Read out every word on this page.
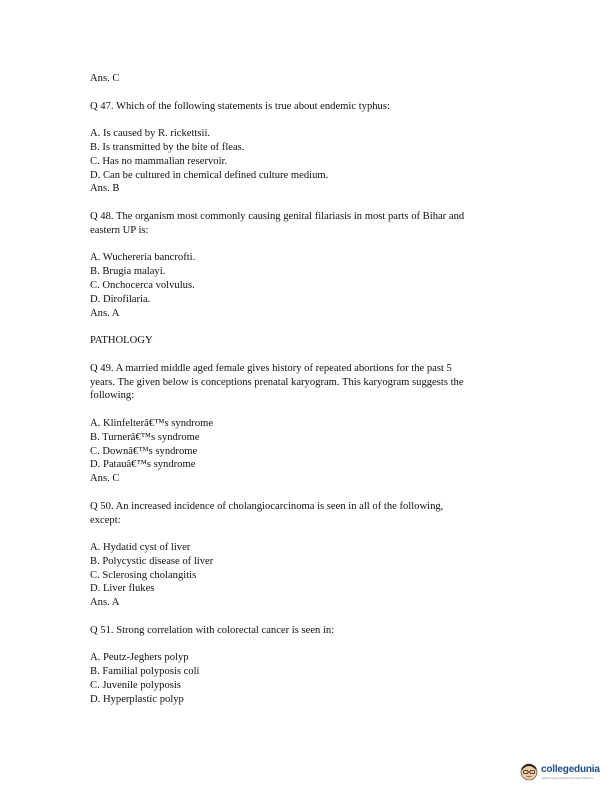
Ans. C
Q 47. Which of the following statements is true about endemic typhus:
A. Is caused by R. rickettsii.
B. Is transmitted by the bite of fleas.
C. Has no mammalian reservoir.
D. Can be cultured in chemical defined culture medium.
Ans. B
Q 48. The organism most commonly causing genital filariasis in most parts of Bihar and
eastern UP is:
A. Wuchereria bancrofti.
B. Brugia malayi.
C. Onchocerca volvulus.
D. Dirofilaria.
Ans. A
PATHOLOGY
Q 49. A married middle aged female gives history of repeated abortions for the past 5
years. The given below is conceptions prenatal karyogram. This karyogram suggests the
following:
A. Klinfelterâ€™s syndrome
B. Turnerâ€™s syndrome
C. Downâ€™s syndrome
D. Patauâ€™s syndrome
Ans. C
Q 50. An increased incidence of cholangiocarcinoma is seen in all of the following,
except:
A. Hydatid cyst of liver
B. Polycystic disease of liver
C. Sclerosing cholangitis
D. Liver flukes
Ans. A
Q 51. Strong correlation with colorectal cancer is seen in:
A. Peutz-Jeghers polyp
B. Familial polyposis coli
C. Juvenile polyposis
D. Hyperplastic polyp
collegedunia
India's largest Student Review Platform
